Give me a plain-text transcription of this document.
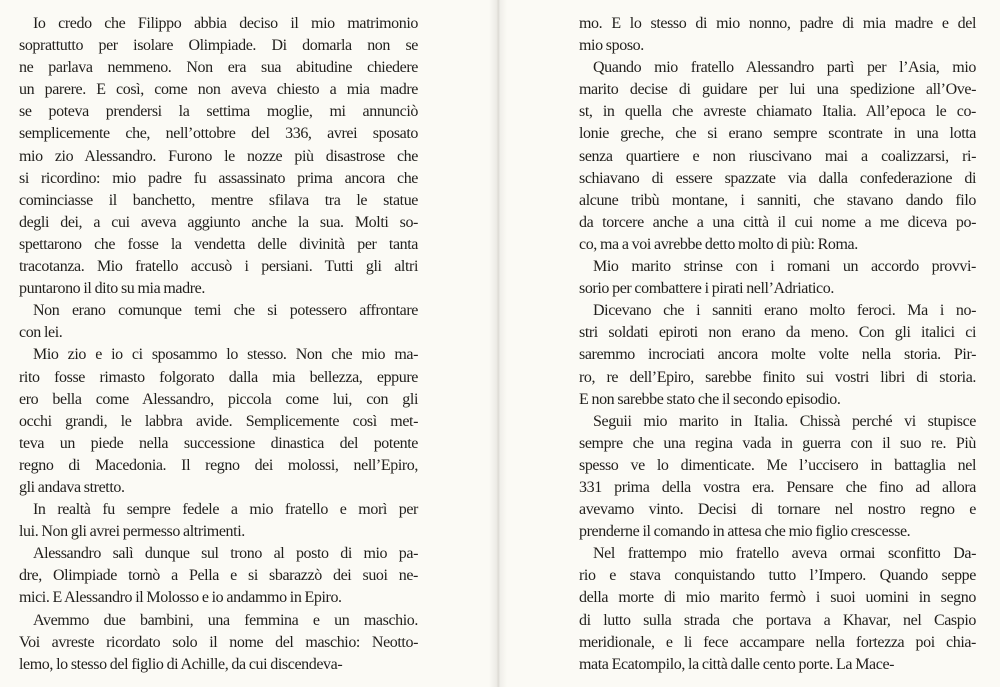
Io credo che Filippo abbia deciso il mio matrimonio
soprattutto per isolare Olimpiade. Di domarla non se
ne parlava nemmeno. Non era sua abitudine chiedere
un parere. E così, come non aveva chiesto a mia madre
se poteva prendersi la settima moglie, mi annunciò
semplicemente che, nell’ottobre del 336, avrei sposato
mio zio Alessandro. Furono le nozze più disastrose che
si ricordino: mio padre fu assassinato prima ancora che
cominciasse il banchetto, mentre sfilava tra le statue
degli dei, a cui aveva aggiunto anche la sua. Molti so-
spettarono che fosse la vendetta delle divinità per tanta
tracotanza. Mio fratello accusò i persiani. Tutti gli altri
puntarono il dito su mia madre.
Non erano comunque temi che si potessero affrontare
con lei.
Mio zio e io ci sposammo lo stesso. Non che mio ma-
rito fosse rimasto folgorato dalla mia bellezza, eppure
ero bella come Alessandro, piccola come lui, con gli
occhi grandi, le labbra avide. Semplicemente così met-
teva un piede nella successione dinastica del potente
regno di Macedonia. Il regno dei molossi, nell’Epiro,
gli andava stretto.
In realtà fu sempre fedele a mio fratello e morì per
lui. Non gli avrei permesso altrimenti.
Alessandro salì dunque sul trono al posto di mio pa-
dre, Olimpiade tornò a Pella e si sbarazzò dei suoi ne-
mici. E Alessandro il Molosso e io andammo in Epiro.
Avemmo due bambini, una femmina e un maschio.
Voi avreste ricordato solo il nome del maschio: Neotto-
lemo, lo stesso del figlio di Achille, da cui discendeva-
mo. E lo stesso di mio nonno, padre di mia madre e del
mio sposo.
Quando mio fratello Alessandro partì per l’Asia, mio
marito decise di guidare per lui una spedizione all’Ove-
st, in quella che avreste chiamato Italia. All’epoca le co-
lonie greche, che si erano sempre scontrate in una lotta
senza quartiere e non riuscivano mai a coalizzarsi, ri-
schiavano di essere spazzate via dalla confederazione di
alcune tribù montane, i sanniti, che stavano dando filo
da torcere anche a una città il cui nome a me diceva po-
co, ma a voi avrebbe detto molto di più: Roma.
Mio marito strinse con i romani un accordo provvi-
sorio per combattere i pirati nell’Adriatico.
Dicevano che i sanniti erano molto feroci. Ma i no-
stri soldati epiroti non erano da meno. Con gli italici ci
saremmo incrociati ancora molte volte nella storia. Pir-
ro, re dell’Epiro, sarebbe finito sui vostri libri di storia.
E non sarebbe stato che il secondo episodio.
Seguii mio marito in Italia. Chissà perché vi stupisce
sempre che una regina vada in guerra con il suo re. Più
spesso ve lo dimenticate. Me l’uccisero in battaglia nel
331 prima della vostra era. Pensare che fino ad allora
avevamo vinto. Decisi di tornare nel nostro regno e
prenderne il comando in attesa che mio figlio crescesse.
Nel frattempo mio fratello aveva ormai sconfitto Da-
rio e stava conquistando tutto l’Impero. Quando seppe
della morte di mio marito fermò i suoi uomini in segno
di lutto sulla strada che portava a Khavar, nel Caspio
meridionale, e li fece accampare nella fortezza poi chia-
mata Ecatompilo, la città dalle cento porte. La Mace-
